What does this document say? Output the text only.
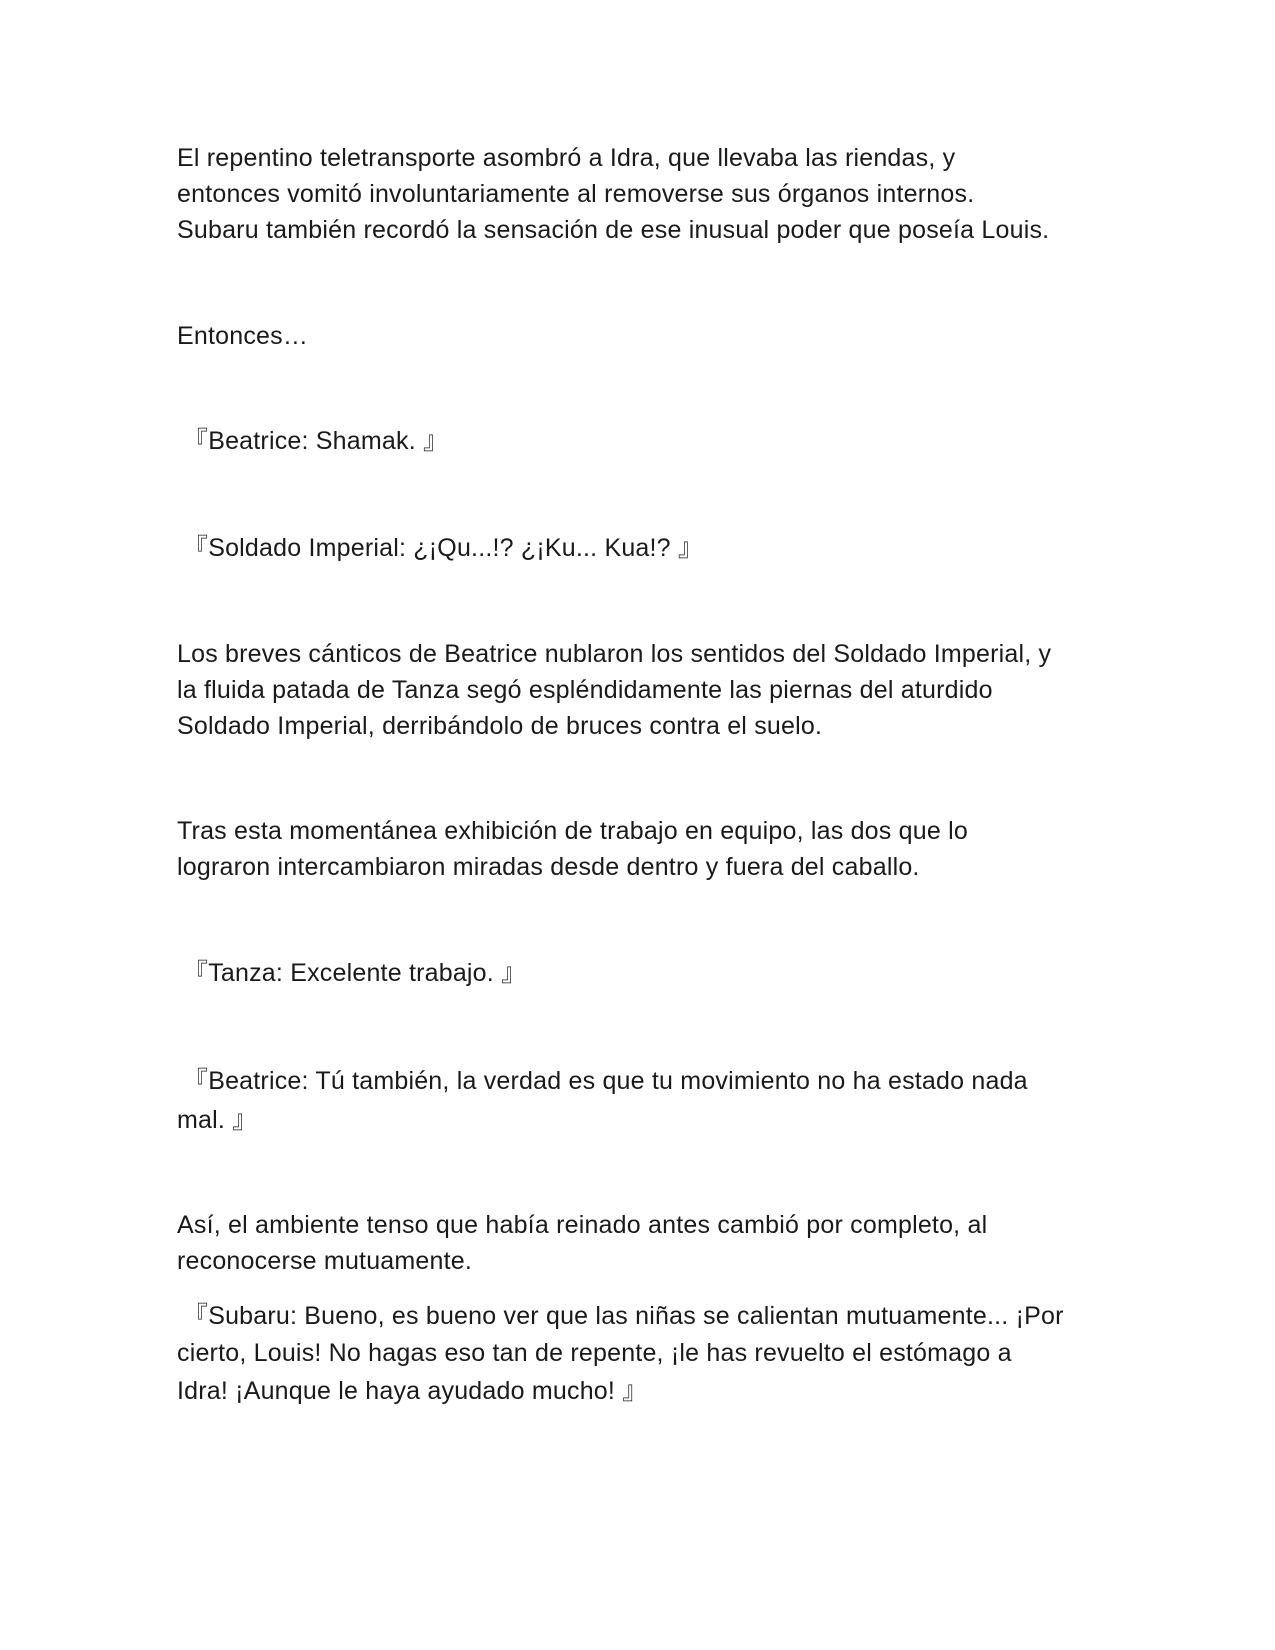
El repentino teletransporte asombró a Idra, que llevaba las riendas, y
entonces vomitó involuntariamente al removerse sus órganos internos.
Subaru también recordó la sensación de ese inusual poder que poseía Louis.
Entonces…
『Beatrice: Shamak. 』
『Soldado Imperial: ¿¡Qu...!? ¿¡Ku... Kua!? 』
Los breves cánticos de Beatrice nublaron los sentidos del Soldado Imperial, y
la fluida patada de Tanza segó espléndidamente las piernas del aturdido
Soldado Imperial, derribándolo de bruces contra el suelo.
Tras esta momentánea exhibición de trabajo en equipo, las dos que lo
lograron intercambiaron miradas desde dentro y fuera del caballo.
『Tanza: Excelente trabajo. 』
『Beatrice: Tú también, la verdad es que tu movimiento no ha estado nada
mal. 』
Así, el ambiente tenso que había reinado antes cambió por completo, al
reconocerse mutuamente.
『Subaru: Bueno, es bueno ver que las niñas se calientan mutuamente... ¡Por
cierto, Louis! No hagas eso tan de repente, ¡le has revuelto el estómago a
Idra! ¡Aunque le haya ayudado mucho! 』
